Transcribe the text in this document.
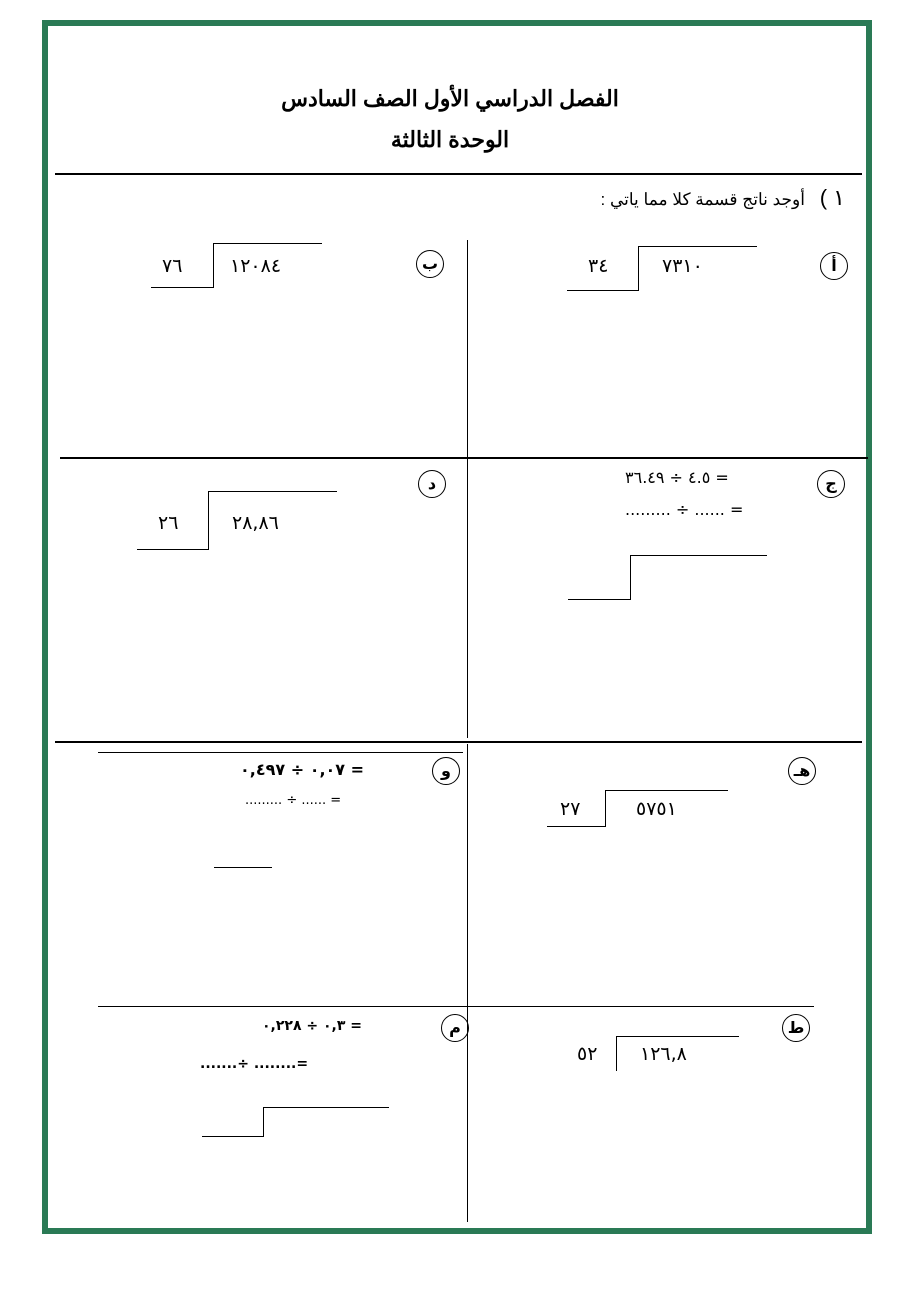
الفصل الدراسي الأول الصف السادس
الوحدة الثالثة
١ ) أوجد ناتج قسمة كلا مما ياتي :
أ
٣٤	٧٣١٠
ب
٧٦	١٢٠٨٤
ج
= ٤.٥ ÷ ٣٦.٤٩
= ...... ÷ .........
د
٢٦	٢٨,٨٦
هـ
٢٧	٥٧٥١
و
= ٠,٠٧ ÷ ٠,٤٩٧
= ...... ÷ .........
ط
٥٢ ١٢٦,٨
م
= ٠,٣ ÷ ٠,٢٢٨
=........ ÷.......
